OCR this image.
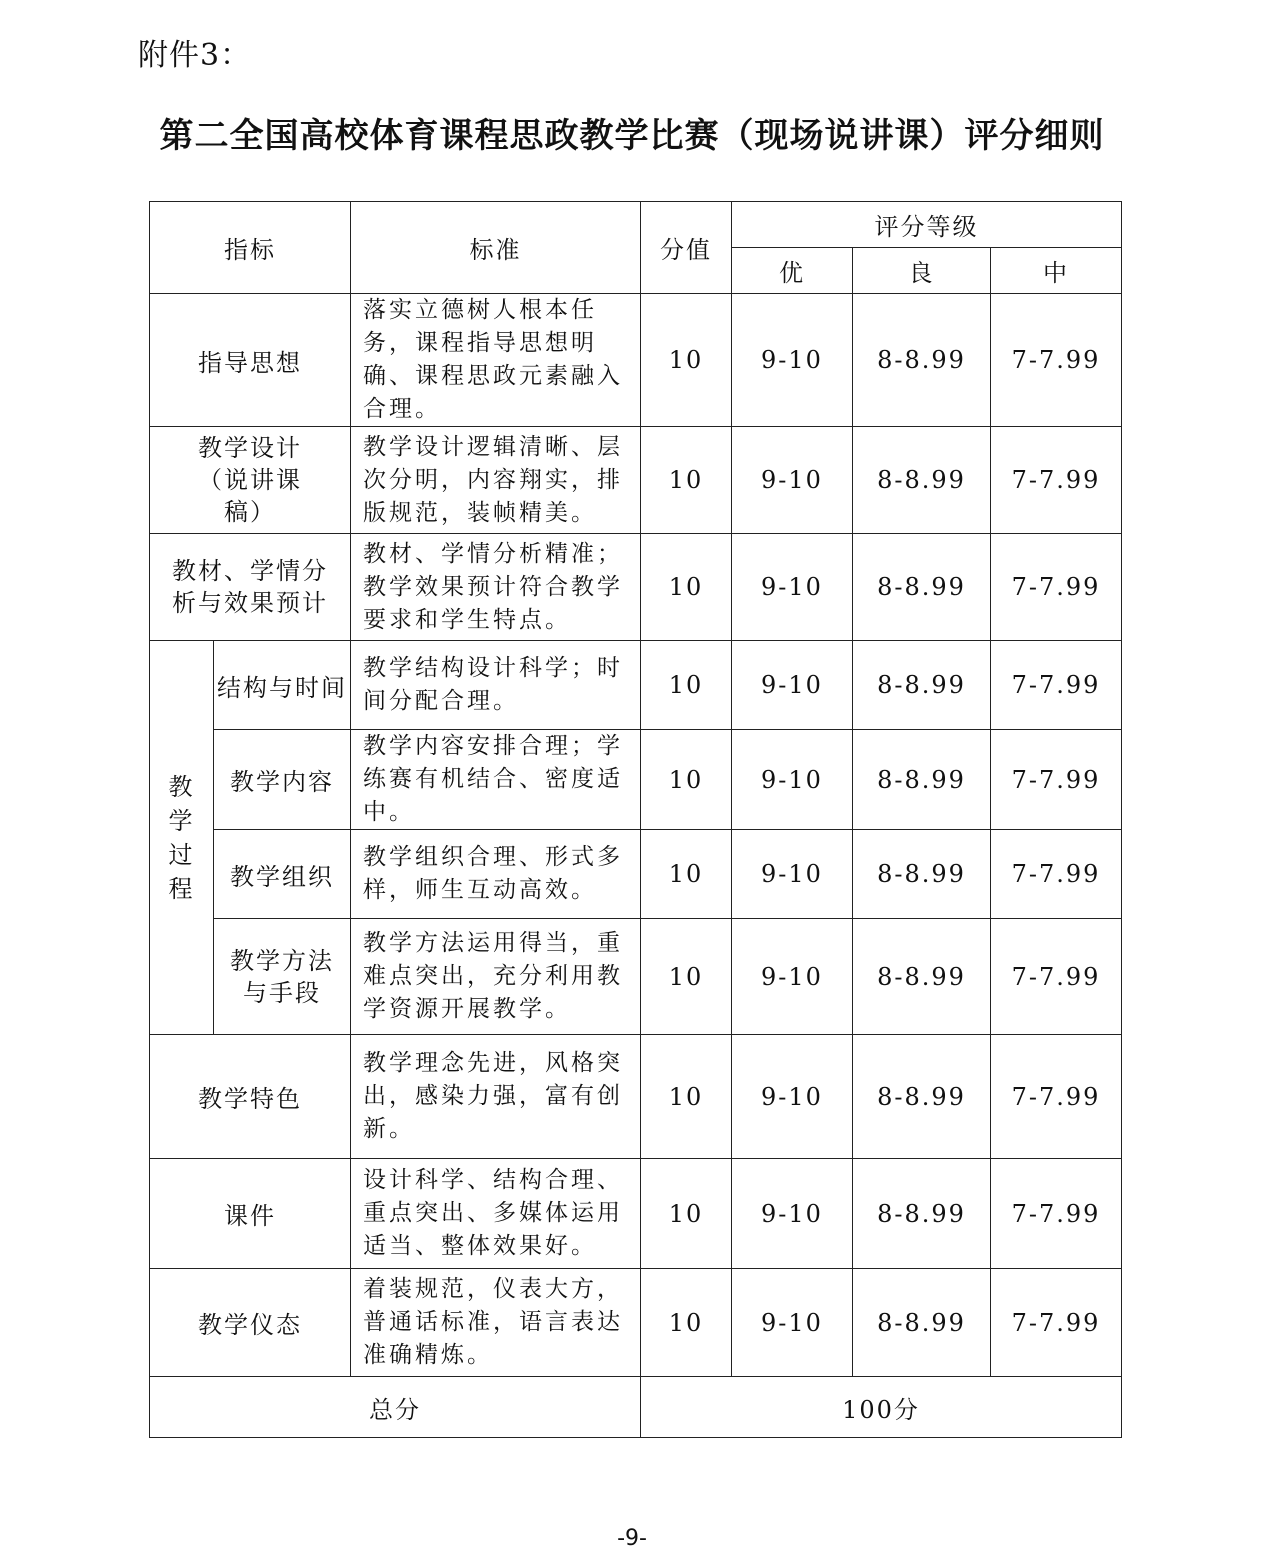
附件3：
第二全国高校体育课程思政教学比赛（现场说讲课）评分细则
指标		标准	分值	评分等级		
				优	良	中
指导思想		落实立德树人根本任务，课程指导思想明确、课程思政元素融入合理。	10	9-10	8-8.99	7-7.99

教学设计（说讲课稿）		教学设计逻辑清晰、层次分明，内容翔实，排版规范，装帧精美。	10	9-10	8-8.99	7-7.99

教材、学情分析与效果预计		教材、学情分析精准；教学效果预计符合教学要求和学生特点。	10	9-10	8-8.99	7-7.99
教学过程	结构与时间	教学结构设计科学；时间分配合理。	10	9-10	8-8.99	7-7.99
	教学内容	教学内容安排合理；学练赛有机结合、密度适中。	10	9-10	8-8.99	7-7.99
	教学组织	教学组织合理、形式多样，师生互动高效。	10	9-10	8-8.99	7-7.99

	教学方法与手段	教学方法运用得当，重难点突出，充分利用教学资源开展教学。	10	9-10	8-8.99	7-7.99
教学特色		教学理念先进，风格突出，感染力强，富有创新。	10	9-10	8-8.99	7-7.99
课件		设计科学、结构合理、重点突出、多媒体运用适当、整体效果好。	10	9-10	8-8.99	7-7.99
教学仪态		着装规范，仪表大方，普通话标准，语言表达准确精炼。	10	9-10	8-8.99	7-7.99
总分			100分			
-9-
